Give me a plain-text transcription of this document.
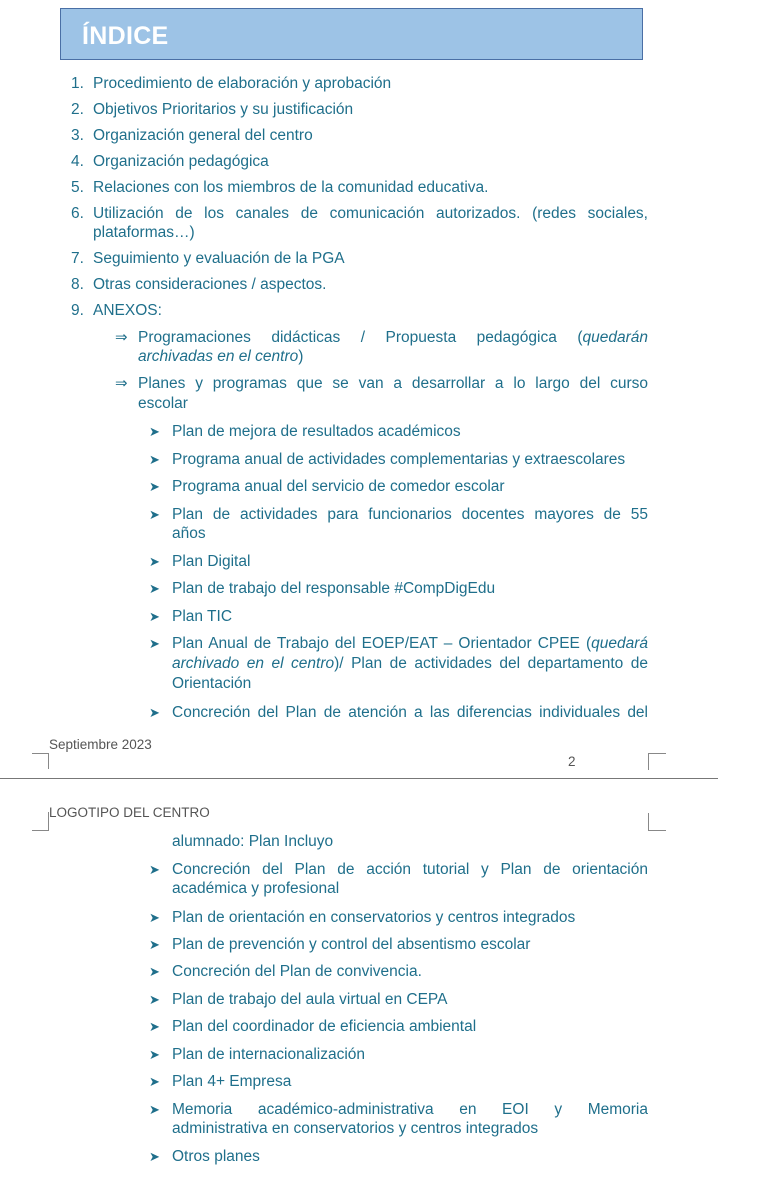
ÍNDICE
1. Procedimiento de elaboración y aprobación
2. Objetivos Prioritarios y su justificación
3. Organización general del centro
4. Organización pedagógica
5. Relaciones con los miembros de la comunidad educativa.
6. Utilización de los canales de comunicación autorizados. (redes sociales,
plataformas…)
7. Seguimiento y evaluación de la PGA
8. Otras consideraciones / aspectos.
9. ANEXOS:
⇒ Programaciones didácticas / Propuesta pedagógica (quedarán
archivadas en el centro)
⇒ Planes y programas que se van a desarrollar a lo largo del curso
escolar
➤ Plan de mejora de resultados académicos
➤ Programa anual de actividades complementarias y extraescolares
➤ Programa anual del servicio de comedor escolar
➤ Plan de actividades para funcionarios docentes mayores de 55
años
➤ Plan Digital
➤ Plan de trabajo del responsable #CompDigEdu
➤ Plan TIC
➤ Plan Anual de Trabajo del EOEP/EAT – Orientador CPEE (quedará
archivado en el centro)/ Plan de actividades del departamento de
Orientación
➤ Concreción del Plan de atención a las diferencias individuales del
Septiembre 2023
2
LOGOTIPO DEL CENTRO
alumnado: Plan Incluyo
➤ Concreción del Plan de acción tutorial y Plan de orientación
académica y profesional
➤ Plan de orientación en conservatorios y centros integrados
➤ Plan de prevención y control del absentismo escolar
➤ Concreción del Plan de convivencia.
➤ Plan de trabajo del aula virtual en CEPA
➤ Plan del coordinador de eficiencia ambiental
➤ Plan de internacionalización
➤ Plan 4+ Empresa
➤ Memoria académico-administrativa en EOI y Memoria
administrativa en conservatorios y centros integrados
➤ Otros planes
